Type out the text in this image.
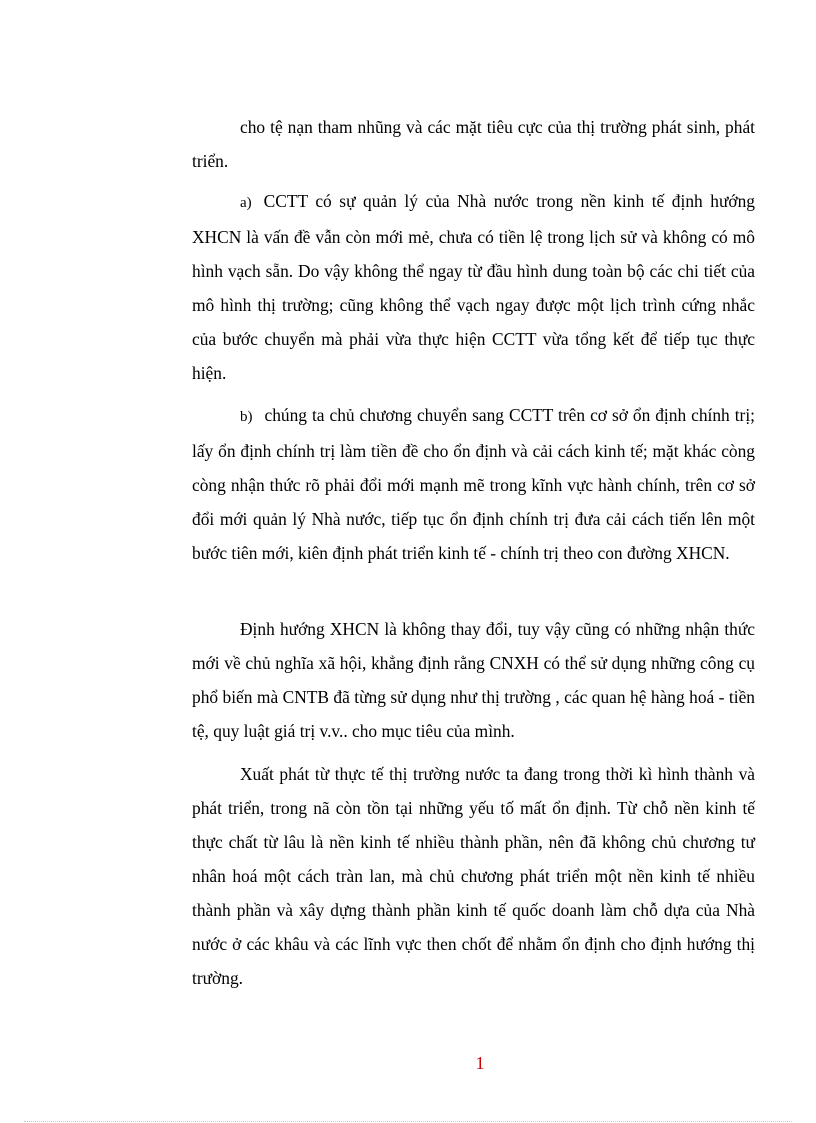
cho tệ nạn tham nhũng và các mặt tiêu cực của thị trường phát sinh, phát triển.

a) CCTT có sự quản lý của Nhà nước trong nền kinh tế định hướng XHCN là vấn đề vẫn còn mới mẻ, chưa có tiền lệ trong lịch sử và không có mô hình vạch sẵn. Do vậy không thể ngay từ đầu hình dung toàn bộ các chi tiết của mô hình thị trường; cũng không thể vạch ngay được một lịch trình cứng nhắc của bước chuyển mà phải vừa thực hiện CCTT vừa tổng kết để tiếp tục thực hiện.

b) chúng ta chủ chương chuyển sang CCTT trên cơ sở ổn định chính trị; lấy ổn định chính trị làm tiền đề cho ổn định và cải cách kinh tế; mặt khác còng còng nhận thức rõ phải đổi mới mạnh mẽ trong kĩnh vực hành chính, trên cơ sở đổi mới quản lý Nhà nước, tiếp tục ổn định chính trị đưa cải cách tiến lên một bước tiên mới, kiên định phát triển kinh tế - chính trị theo con đường XHCN.

Định hướng XHCN là không thay đổi, tuy vậy cũng có những nhận thức mới về chủ nghĩa xã hội, khẳng định rằng CNXH có thể sử dụng những công cụ phổ biến mà CNTB đã từng sử dụng như thị trường , các quan hệ hàng hoá - tiền tệ, quy luật giá trị v.v.. cho mục tiêu của mình.

Xuất phát từ thực tế thị trường nước ta đang trong thời kì hình thành và phát triển, trong nã còn tồn tại những yếu tố mất ổn định. Từ chỗ nền kinh tế thực chất từ lâu là nền kinh tế nhiều thành phần, nên đã không chủ chương tư nhân hoá một cách tràn lan, mà chủ chương phát triển một nền kinh tế nhiều thành phần và xây dựng thành phần kinh tế quốc doanh làm chỗ dựa của Nhà nước ở các khâu và các lĩnh vực then chốt để nhằm ổn định cho định hướng thị trường.

1
